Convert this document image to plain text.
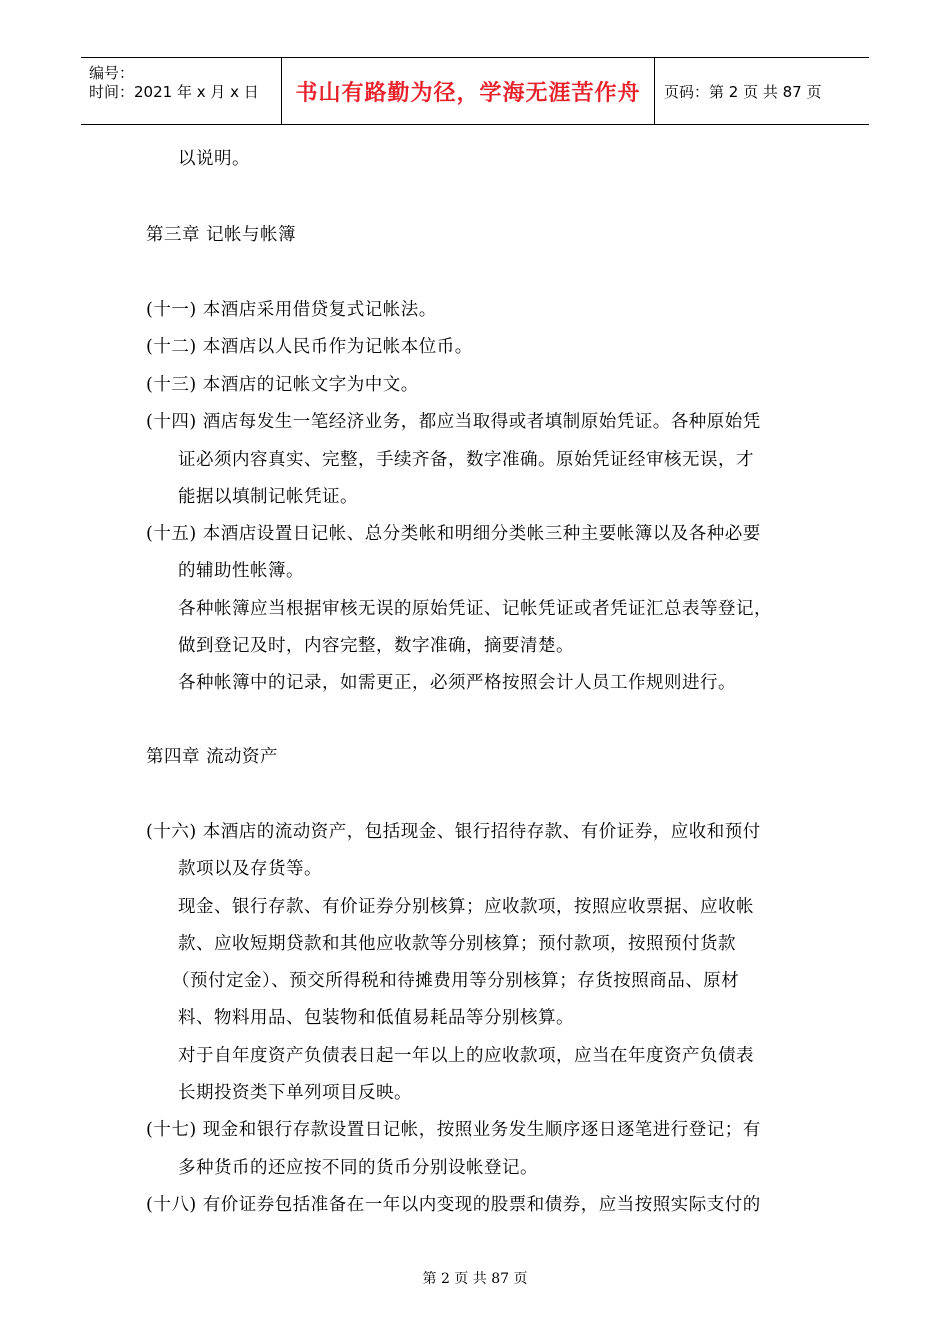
编号：
时间：2021 年 x 月 x 日	书山有路勤为径，学海无涯苦作舟	页码：第 2 页 共 87 页
以说明。
第三章 记帐与帐簿
(十一) 本酒店采用借贷复式记帐法。
(十二) 本酒店以人民币作为记帐本位币。
(十三) 本酒店的记帐文字为中文。
(十四) 酒店每发生一笔经济业务，都应当取得或者填制原始凭证。各种原始凭
证必须内容真实、完整，手续齐备，数字准确。原始凭证经审核无误，才
能据以填制记帐凭证。
(十五) 本酒店设置日记帐、总分类帐和明细分类帐三种主要帐簿以及各种必要
的辅助性帐簿。
各种帐簿应当根据审核无误的原始凭证、记帐凭证或者凭证汇总表等登记，
做到登记及时，内容完整，数字准确，摘要清楚。
各种帐簿中的记录，如需更正，必须严格按照会计人员工作规则进行。
第四章 流动资产
(十六) 本酒店的流动资产，包括现金、银行招待存款、有价证券，应收和预付
款项以及存货等。
现金、银行存款、有价证券分别核算；应收款项，按照应收票据、应收帐
款、应收短期贷款和其他应收款等分别核算；预付款项，按照预付货款
（预付定金）、预交所得税和待摊费用等分别核算；存货按照商品、原材
料、物料用品、包装物和低值易耗品等分别核算。
对于自年度资产负债表日起一年以上的应收款项，应当在年度资产负债表
长期投资类下单列项目反映。
(十七) 现金和银行存款设置日记帐，按照业务发生顺序逐日逐笔进行登记；有
多种货币的还应按不同的货币分别设帐登记。
(十八) 有价证券包括准备在一年以内变现的股票和债券，应当按照实际支付的
第 2 页 共 87 页
